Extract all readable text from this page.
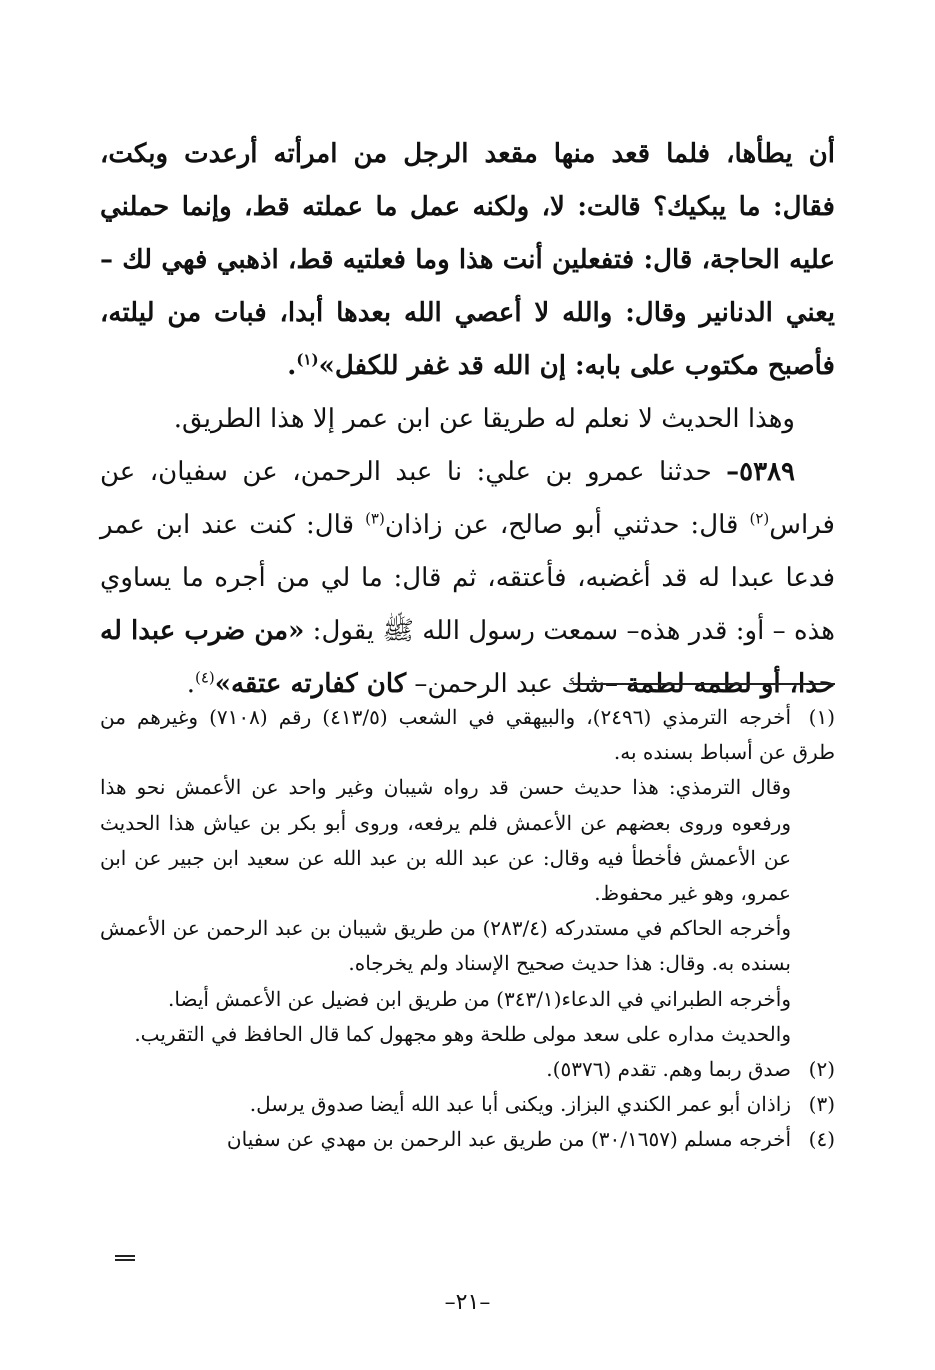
أن يطأها، فلما قعد منها مقعد الرجل من امرأته أرعدت وبكت، فقال: ما يبكيك؟ قالت: لا، ولكنه عمل ما عملته قط، وإنما حملني عليه الحاجة، قال: فتفعلين أنت هذا وما فعلتيه قط، اذهبي فهي لك –يعني الدنانير وقال: والله لا أعصي الله بعدها أبدا، فبات من ليلته، فأصبح مكتوب على بابه: إن الله قد غفر للكفل»$^{(١)}$.

وهذا الحديث لا نعلم له طريقا عن ابن عمر إلا هذا الطريق.

٥٣٨٩– حدثنا عمرو بن علي: نا عبد الرحمن، عن سفيان، عن فراس$^{(٢)}$ قال: حدثني أبو صالح، عن زاذان$^{(٣)}$ قال: كنت عند ابن عمر فدعا عبدا له قد أغضبه، فأعتقه، ثم قال: ما لي من أجره ما يساوي هذه – أو: قدر هذه– سمعت رسول الله ﷺ يقول: «من ضرب عبدا له حدا، أو لطمه لطمة –شك عبد الرحمن– كان كفارته عتقه»$^{(٤)}$.

(١)أخرجه الترمذي (٢٤٩٦)، والبيهقي في الشعب (٤١٣/٥) رقم (٧١٠٨) وغيرهم من طرق عن أسباط بسنده به.

وقال الترمذي: هذا حديث حسن قد رواه شيبان وغير واحد عن الأعمش نحو هذا ورفعوه وروى بعضهم عن الأعمش فلم يرفعه، وروى أبو بكر بن عياش هذا الحديث عن الأعمش فأخطأ فيه وقال: عن عبد الله بن عبد الله عن سعيد ابن جبير عن ابن عمرو، وهو غير محفوظ.

وأخرجه الحاكم في مستدركه (٢٨٣/٤) من طريق شيبان بن عبد الرحمن عن الأعمش بسنده به. وقال: هذا حديث صحيح الإسناد ولم يخرجاه.

وأخرجه الطبراني في الدعاء(٣٤٣/١) من طريق ابن فضيل عن الأعمش أيضا.

والحديث مداره على سعد مولى طلحة وهو مجهول كما قال الحافظ في التقريب.

(٢)صدق ربما وهم. تقدم (٥٣٧٦).

(٣)زاذان أبو عمر الكندي البزاز. ويكنى أبا عبد الله أيضا صدوق يرسل.

(٤)أخرجه مسلم (٣٠/١٦٥٧) من طريق عبد الرحمن بن مهدي عن سفيان

–٢١–
